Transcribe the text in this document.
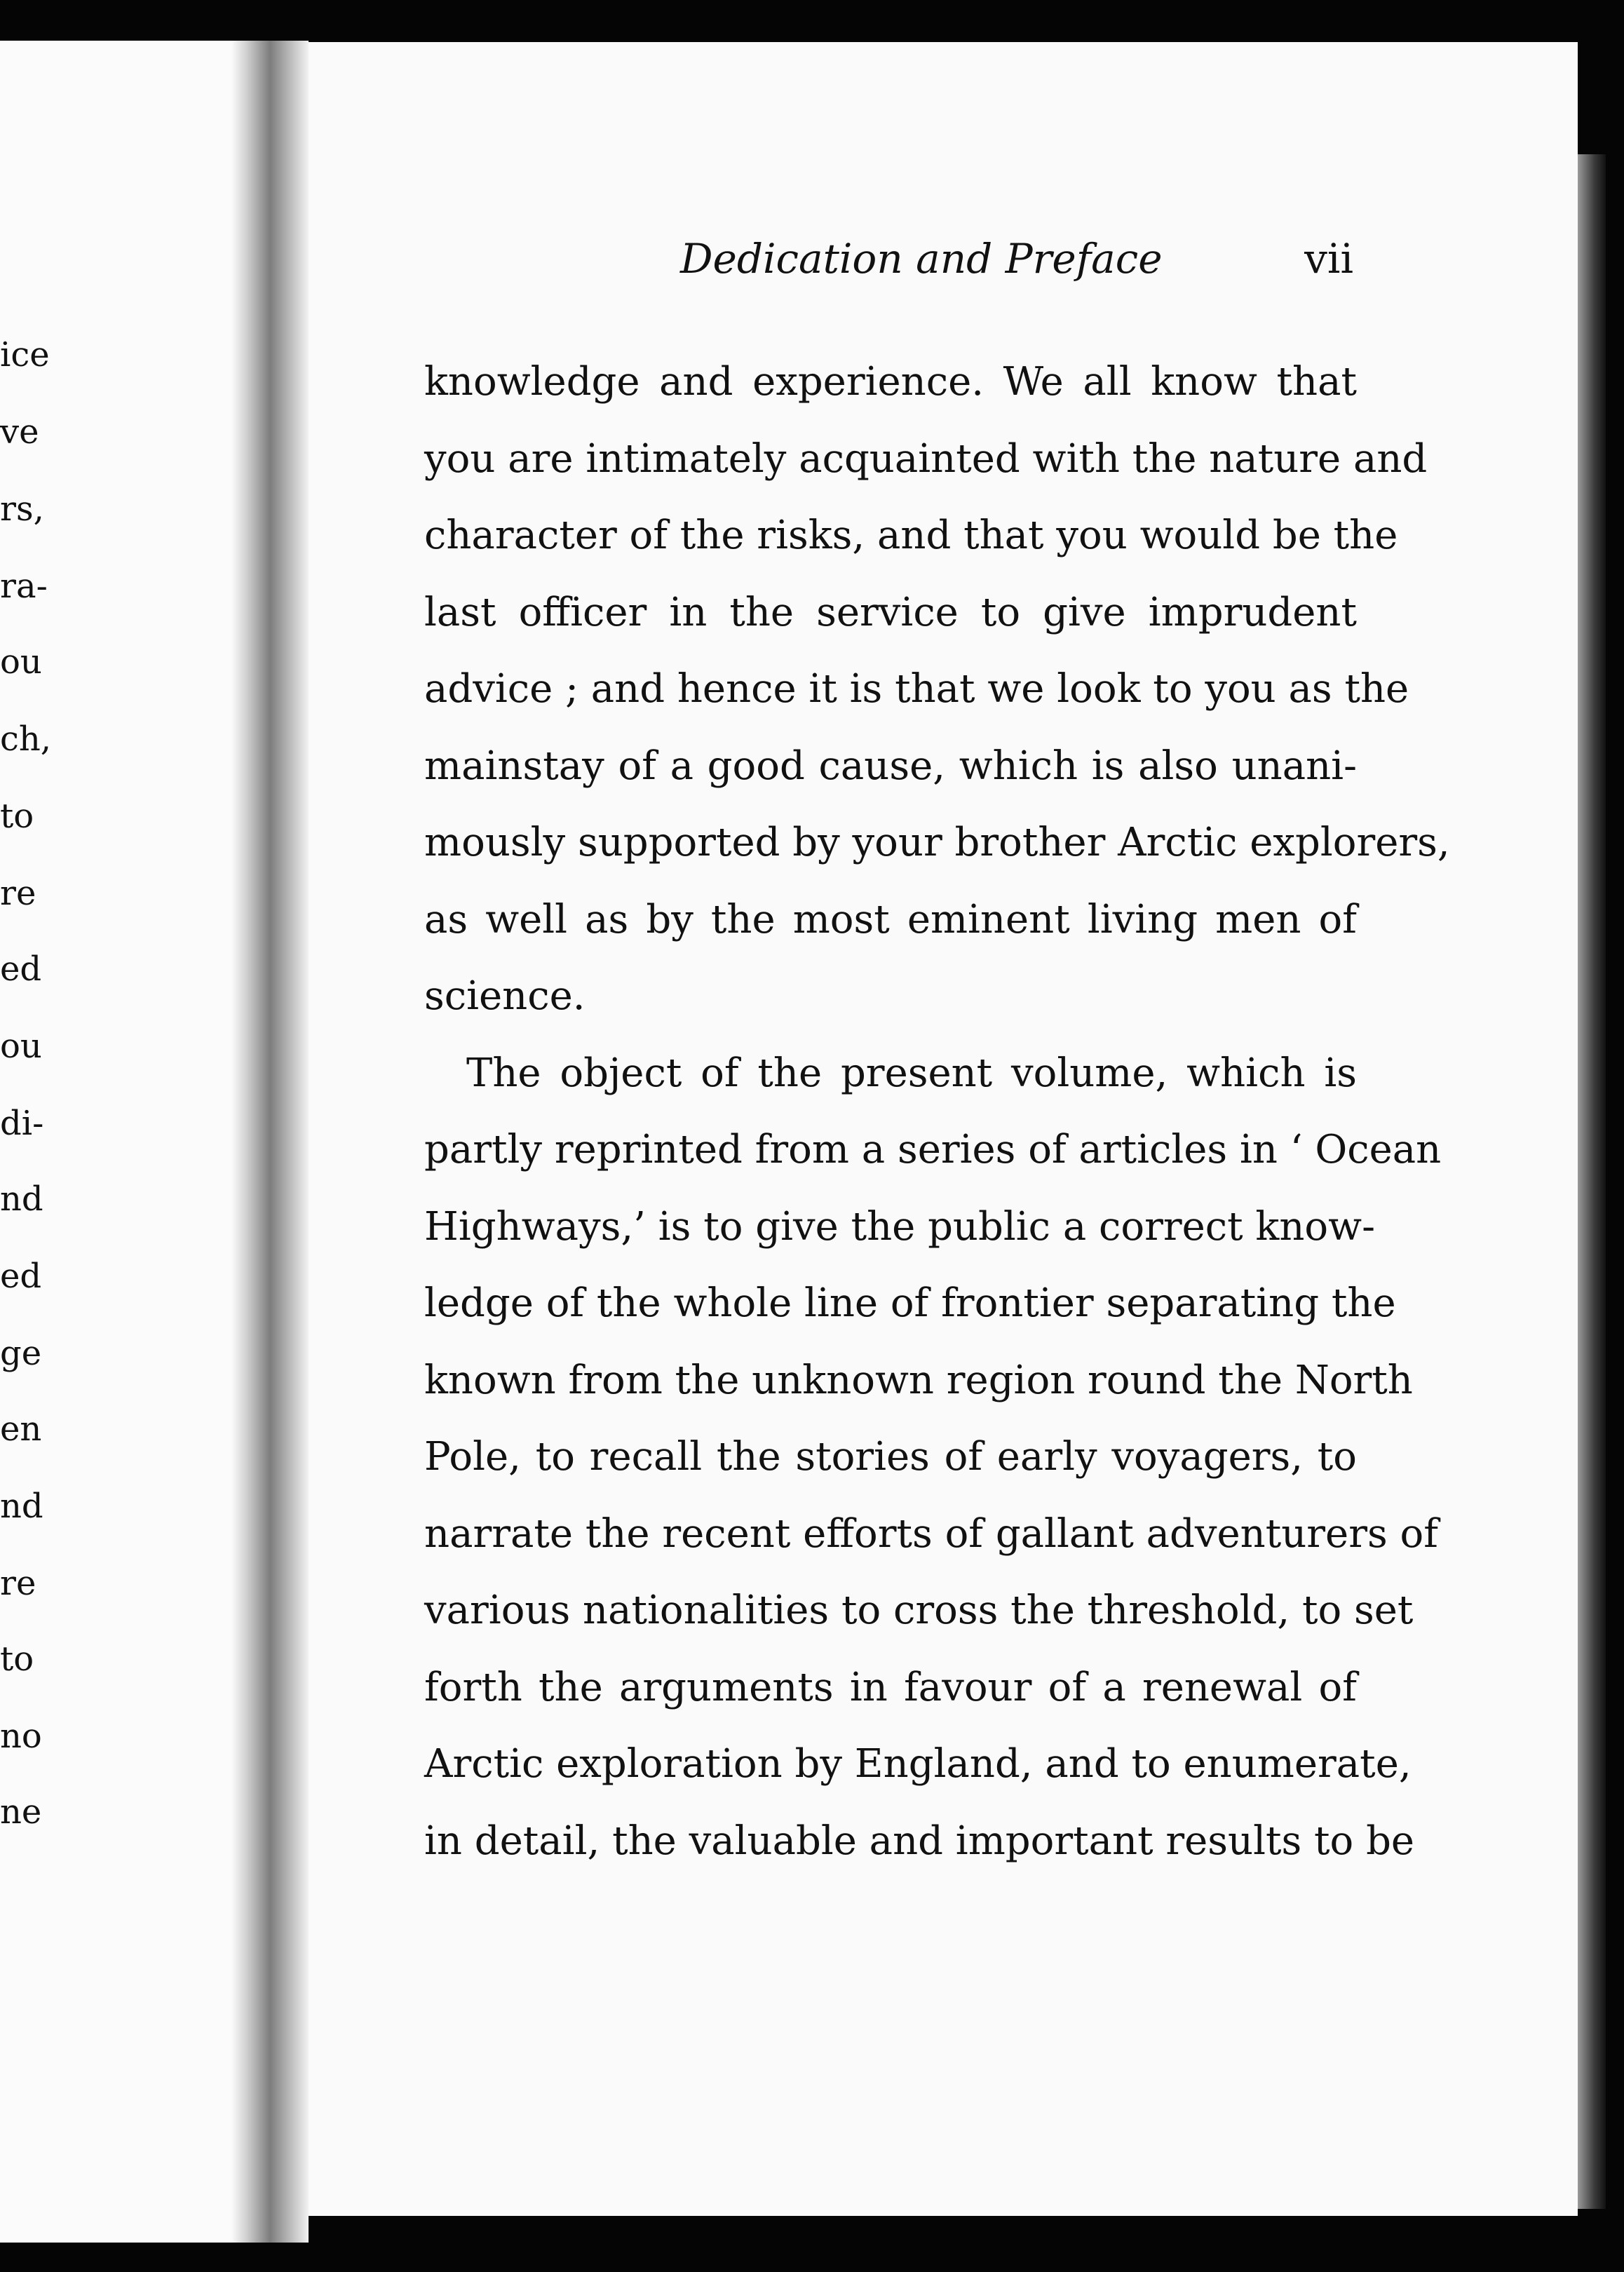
ice
ve
rs,
ra-
ou
ch,
to
re
ed
ou
di-
nd
ed
ge
en
nd
re
to
no
ne
Dedication and Preface	vii
knowledge and experience. We all know that
you are intimately acquainted with the nature and
character of the risks, and that you would be the
last officer in the service to give imprudent
advice ; and hence it is that we look to you as the
mainstay of a good cause, which is also unani-
mously supported by your brother Arctic explorers,
as well as by the most eminent living men of
science.
The object of the present volume, which is
partly reprinted from a series of articles in ‘ Ocean
Highways,’ is to give the public a correct know-
ledge of the whole line of frontier separating the
known from the unknown region round the North
Pole, to recall the stories of early voyagers, to
narrate the recent efforts of gallant adventurers of
various nationalities to cross the threshold, to set
forth the arguments in favour of a renewal of
Arctic exploration by England, and to enumerate,
in detail, the valuable and important results to be
